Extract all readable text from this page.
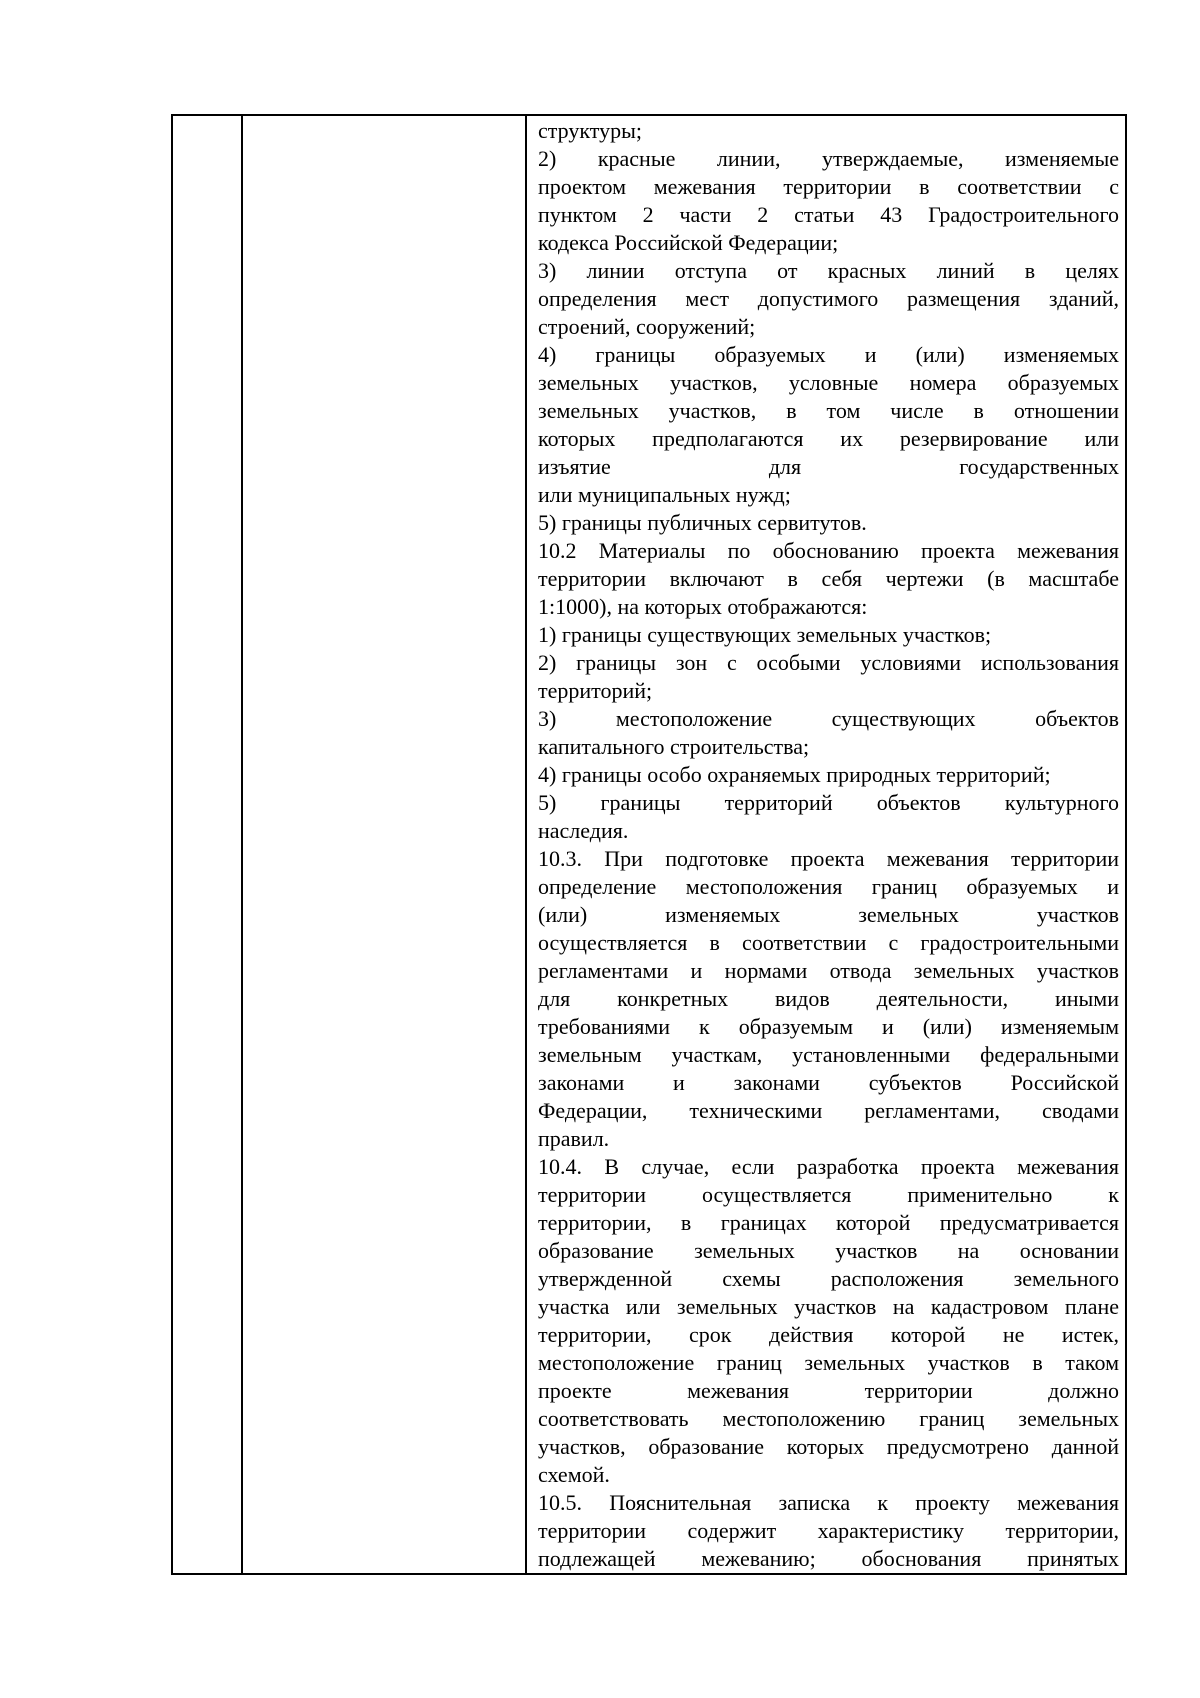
структуры;
2) красные линии, утверждаемые, изменяемые
проектом межевания территории в соответствии с
пунктом 2 части 2 статьи 43 Градостроительного
кодекса Российской Федерации;
3) линии отступа от красных линий в целях
определения мест допустимого размещения зданий,
строений, сооружений;
4) границы образуемых и (или) изменяемых
земельных участков, условные номера образуемых
земельных участков, в том числе в отношении
которых предполагаются их резервирование или
изъятие для государственных
или муниципальных нужд;
5) границы публичных сервитутов.
10.2 Материалы по обоснованию проекта межевания
территории включают в себя чертежи (в масштабе
1:1000), на которых отображаются:
1) границы существующих земельных участков;
2) границы зон с особыми условиями использования
территорий;
3) местоположение существующих объектов
капитального строительства;
4) границы особо охраняемых природных территорий;
5) границы территорий объектов культурного
наследия.
10.3. При подготовке проекта межевания территории
определение местоположения границ образуемых и
(или) изменяемых земельных участков
осуществляется в соответствии с градостроительными
регламентами и нормами отвода земельных участков
для конкретных видов деятельности, иными
требованиями к образуемым и (или) изменяемым
земельным участкам, установленными федеральными
законами и законами субъектов Российской
Федерации, техническими регламентами, сводами
правил.
10.4. В случае, если разработка проекта межевания
территории осуществляется применительно к
территории, в границах которой предусматривается
образование земельных участков на основании
утвержденной схемы расположения земельного
участка или земельных участков на кадастровом плане
территории, срок действия которой не истек,
местоположение границ земельных участков в таком
проекте межевания территории должно
соответствовать местоположению границ земельных
участков, образование которых предусмотрено данной
схемой.
10.5. Пояснительная записка к проекту межевания
территории содержит характеристику территории,
подлежащей межеванию; обоснования принятых
